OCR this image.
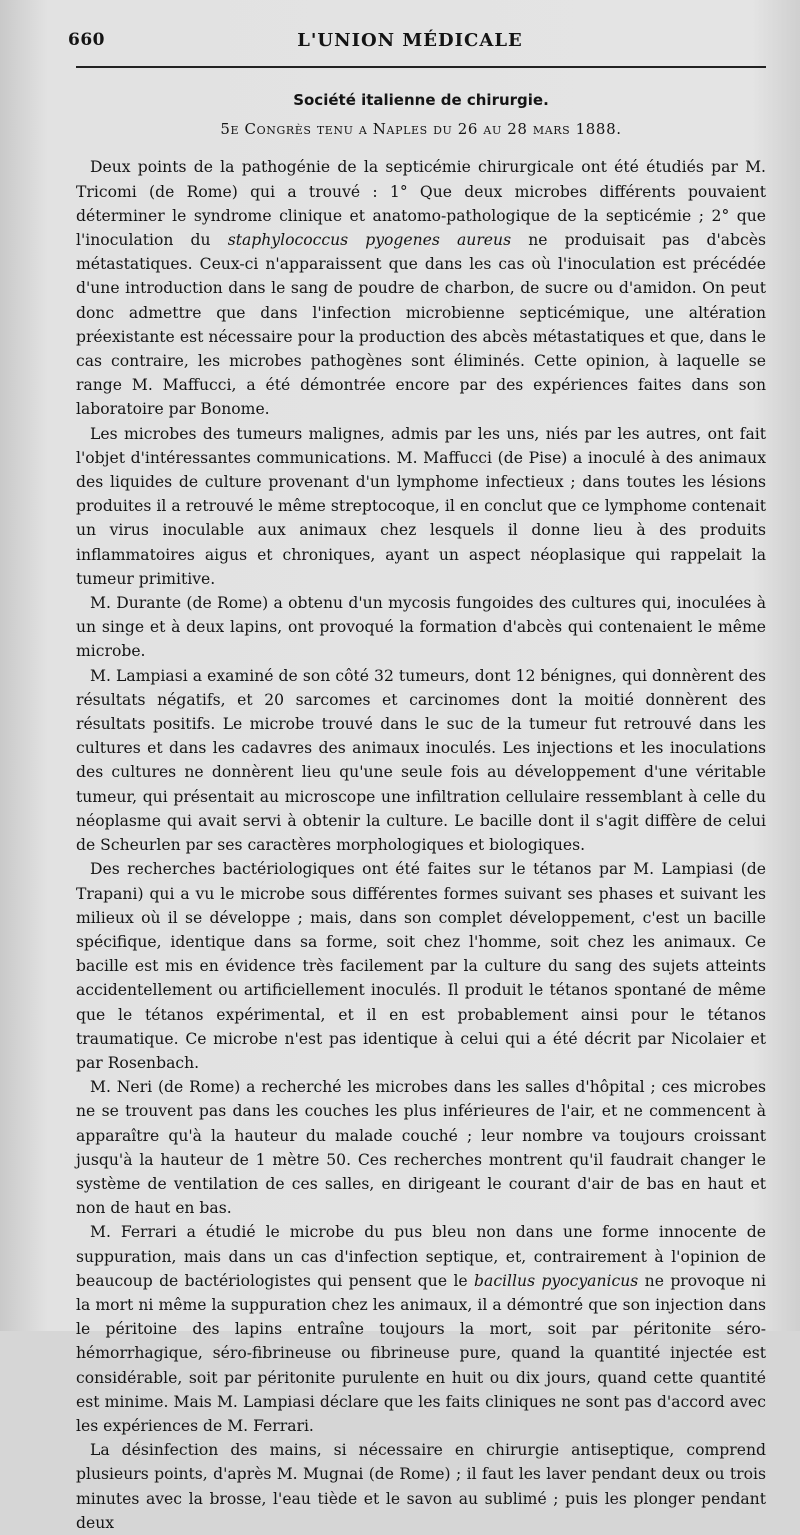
660	L'UNION MÉDICALE
Société italienne de chirurgie.
5e Congrès tenu a Naples du 26 au 28 mars 1888.

Deux points de la pathogénie de la septicémie chirurgicale ont été étudiés par M. Tricomi (de Rome) qui a trouvé : 1° Que deux microbes différents pouvaient déterminer le syndrome clinique et anatomo-pathologique de la septicémie ; 2° que l'inoculation du staphylococcus pyogenes aureus ne produisait pas d'abcès métastatiques. Ceux-ci n'apparaissent que dans les cas où l'inoculation est précédée d'une introduction dans le sang de poudre de charbon, de sucre ou d'amidon. On peut donc admettre que dans l'infection microbienne septicémique, une altération préexistante est nécessaire pour la production des abcès métastatiques et que, dans le cas contraire, les microbes pathogènes sont éliminés. Cette opinion, à laquelle se range M. Maffucci, a été démontrée encore par des expériences faites dans son laboratoire par Bonome.

Les microbes des tumeurs malignes, admis par les uns, niés par les autres, ont fait l'objet d'intéressantes communications. M. Maffucci (de Pise) a inoculé à des animaux des liquides de culture provenant d'un lymphome infectieux ; dans toutes les lésions produites il a retrouvé le même streptocoque, il en conclut que ce lymphome contenait un virus inoculable aux animaux chez lesquels il donne lieu à des produits inflammatoires aigus et chroniques, ayant un aspect néoplasique qui rappelait la tumeur primitive.

M. Durante (de Rome) a obtenu d'un mycosis fungoides des cultures qui, inoculées à un singe et à deux lapins, ont provoqué la formation d'abcès qui contenaient le même microbe.

M. Lampiasi a examiné de son côté 32 tumeurs, dont 12 bénignes, qui donnèrent des résultats négatifs, et 20 sarcomes et carcinomes dont la moitié donnèrent des résultats positifs. Le microbe trouvé dans le suc de la tumeur fut retrouvé dans les cultures et dans les cadavres des animaux inoculés. Les injections et les inoculations des cultures ne donnèrent lieu qu'une seule fois au développement d'une véritable tumeur, qui présentait au microscope une infiltration cellulaire ressemblant à celle du néoplasme qui avait servi à obtenir la culture. Le bacille dont il s'agit diffère de celui de Scheurlen par ses caractères morphologiques et biologiques.

Des recherches bactériologiques ont été faites sur le tétanos par M. Lampiasi (de Trapani) qui a vu le microbe sous différentes formes suivant ses phases et suivant les milieux où il se développe ; mais, dans son complet développement, c'est un bacille spécifique, identique dans sa forme, soit chez l'homme, soit chez les animaux. Ce bacille est mis en évidence très facilement par la culture du sang des sujets atteints accidentellement ou artificiellement inoculés. Il produit le tétanos spontané de même que le tétanos expérimental, et il en est probablement ainsi pour le tétanos traumatique. Ce microbe n'est pas identique à celui qui a été décrit par Nicolaier et par Rosenbach.

M. Neri (de Rome) a recherché les microbes dans les salles d'hôpital ; ces microbes ne se trouvent pas dans les couches les plus inférieures de l'air, et ne commencent à apparaître qu'à la hauteur du malade couché ; leur nombre va toujours croissant jusqu'à la hauteur de 1 mètre 50. Ces recherches montrent qu'il faudrait changer le système de ventilation de ces salles, en dirigeant le courant d'air de bas en haut et non de haut en bas.

M. Ferrari a étudié le microbe du pus bleu non dans une forme innocente de suppuration, mais dans un cas d'infection septique, et, contrairement à l'opinion de beaucoup de bactériologistes qui pensent que le bacillus pyocyanicus ne provoque ni la mort ni même la suppuration chez les animaux, il a démontré que son injection dans le péritoine des lapins entraîne toujours la mort, soit par péritonite séro-hémorrhagique, séro-fibrineuse ou fibrineuse pure, quand la quantité injectée est considérable, soit par péritonite purulente en huit ou dix jours, quand cette quantité est minime. Mais M. Lampiasi déclare que les faits cliniques ne sont pas d'accord avec les expériences de M. Ferrari.

La désinfection des mains, si nécessaire en chirurgie antiseptique, comprend plusieurs points, d'après M. Mugnai (de Rome) ; il faut les laver pendant deux ou trois minutes avec la brosse, l'eau tiède et le savon au sublimé ; puis les plonger pendant deux
